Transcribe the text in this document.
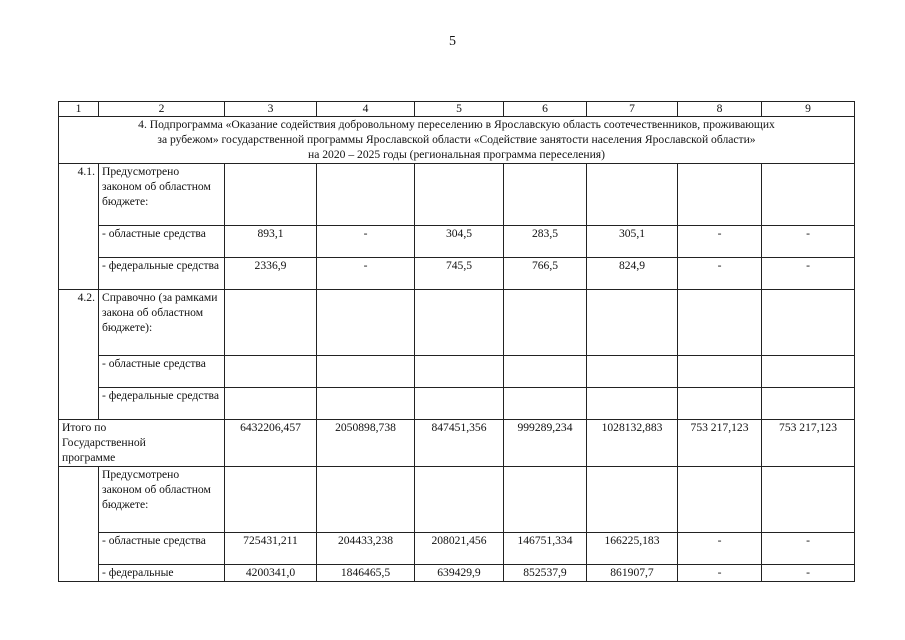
5
1	2	3	4	5	6	7	8	9

4. Подпрограмма «Оказание содействия добровольному переселению в Ярославскую область соотечественников, проживающих
за рубежом» государственной программы Ярославской области «Содействие занятости населения Ярославской области»
на 2020 – 2025 годы (региональная программа переселения)								

4.1.	Предусмотрено законом об областном бюджете:							
	- областные средства	893,1	-	304,5	283,5	305,1	-	-
	- федеральные средства	2336,9	-	745,5	766,5	824,9	-	-
4.2.	Справочно (за рамками закона об областном бюджете):							
	- областные средства							
	- федеральные средства							

Итого по Государственной программе		6432206,457	2050898,738	847451,356	999289,234	1028132,883	753 217,123	753 217,123
	Предусмотрено законом об областном бюджете:							
	- областные средства	725431,211	204433,238	208021,456	146751,334	166225,183	-	-
	- федеральные	4200341,0	1846465,5	639429,9	852537,9	861907,7	-	-
